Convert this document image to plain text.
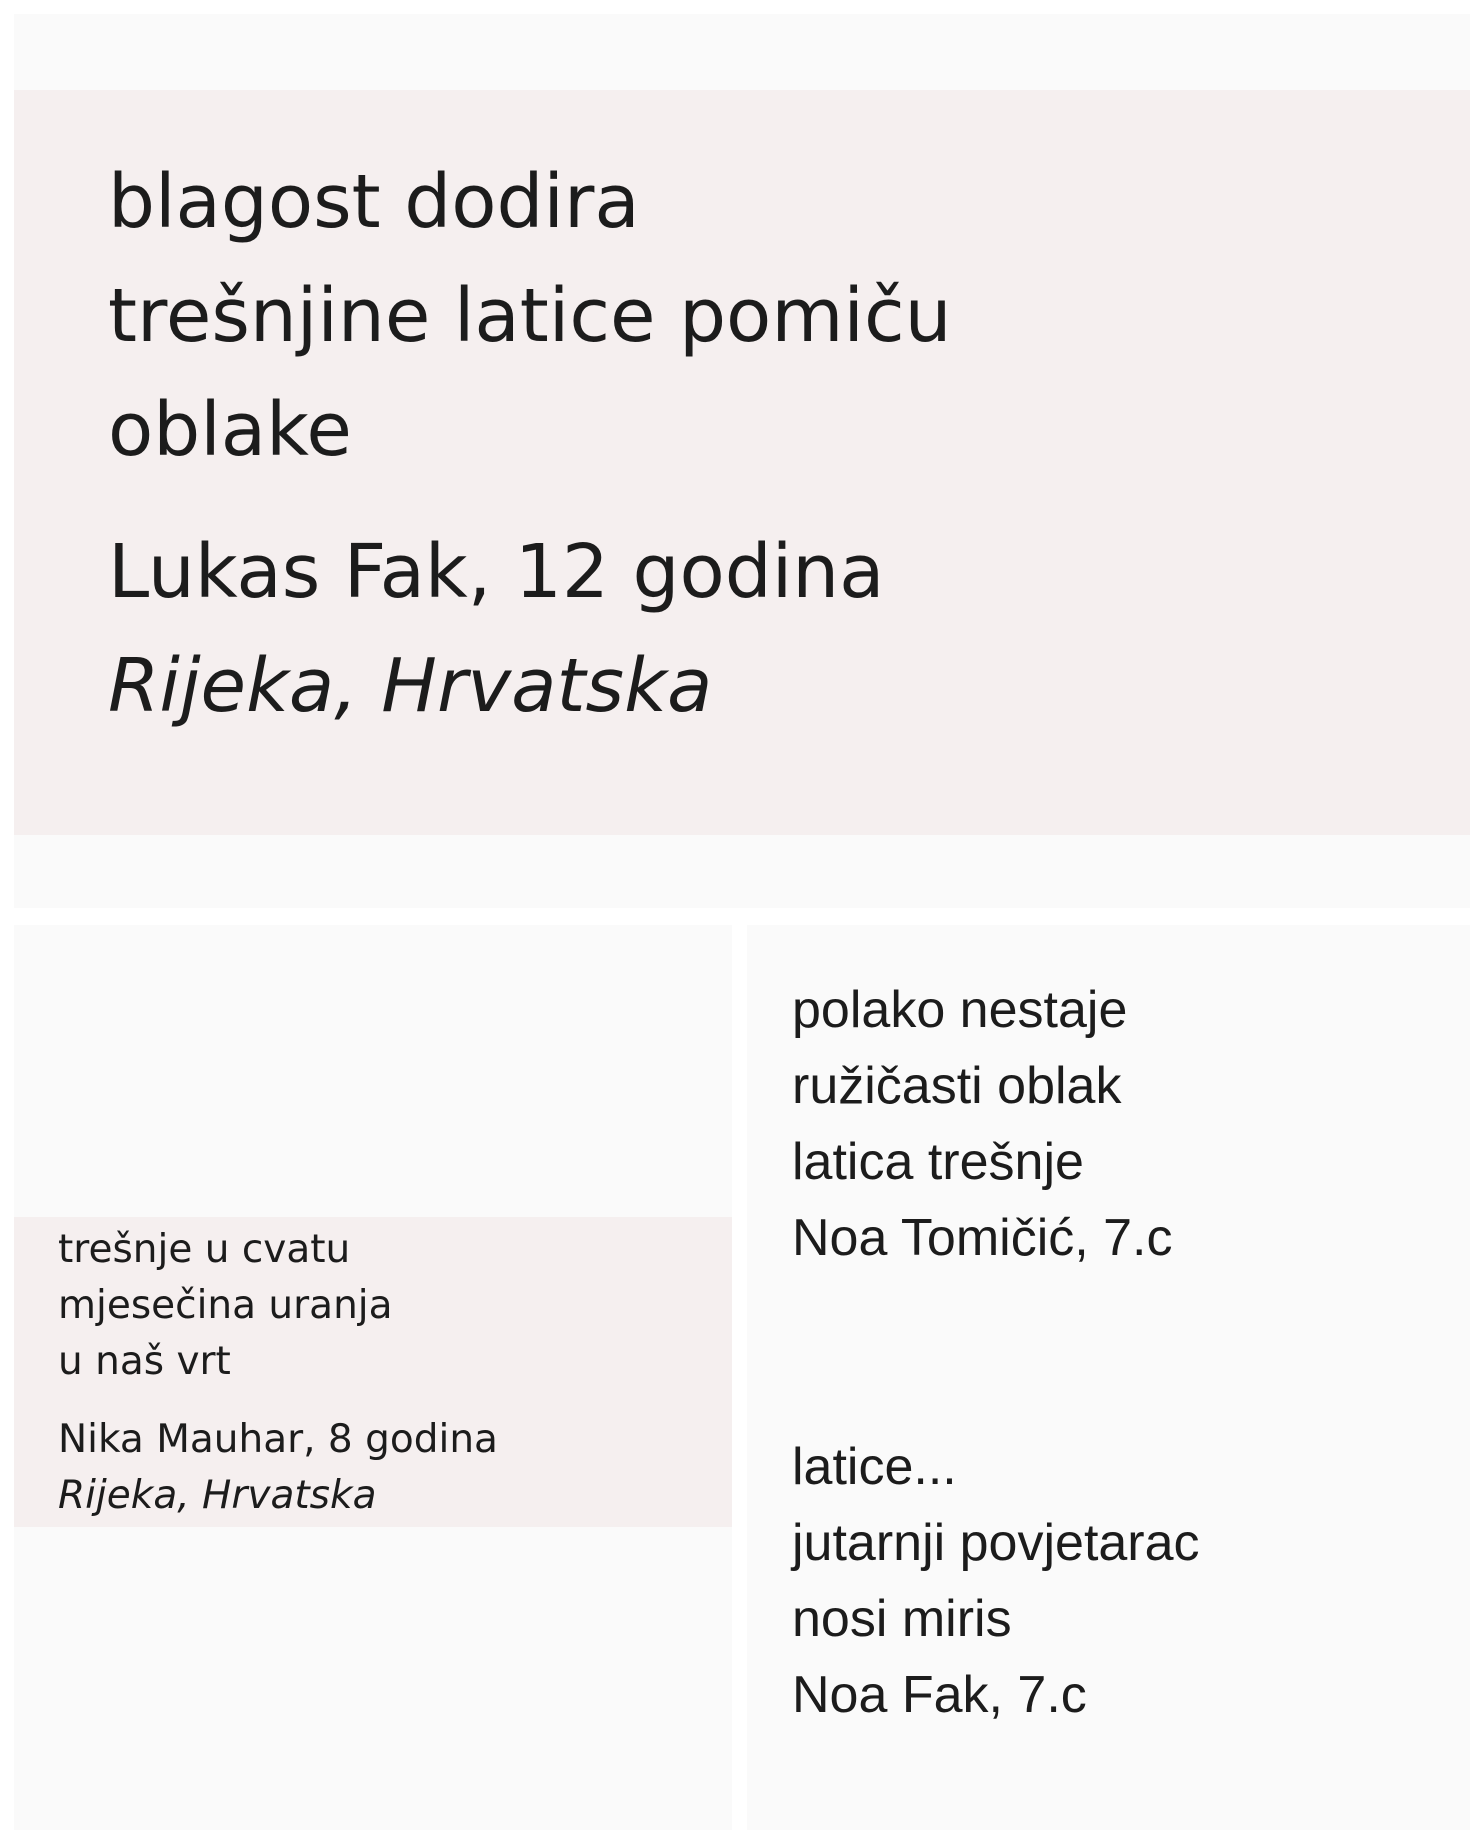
blagost dodira
trešnjine latice pomiču
oblake
Lukas Fak, 12 godina
Rijeka, Hrvatska
trešnje u cvatu
mjesečina uranja
u naš vrt
Nika Mauhar, 8 godina
Rijeka, Hrvatska
polako nestaje
ružičasti oblak
latica trešnje
Noa Tomičić, 7.c
latice...
jutarnji povjetarac
nosi miris
Noa Fak, 7.c
